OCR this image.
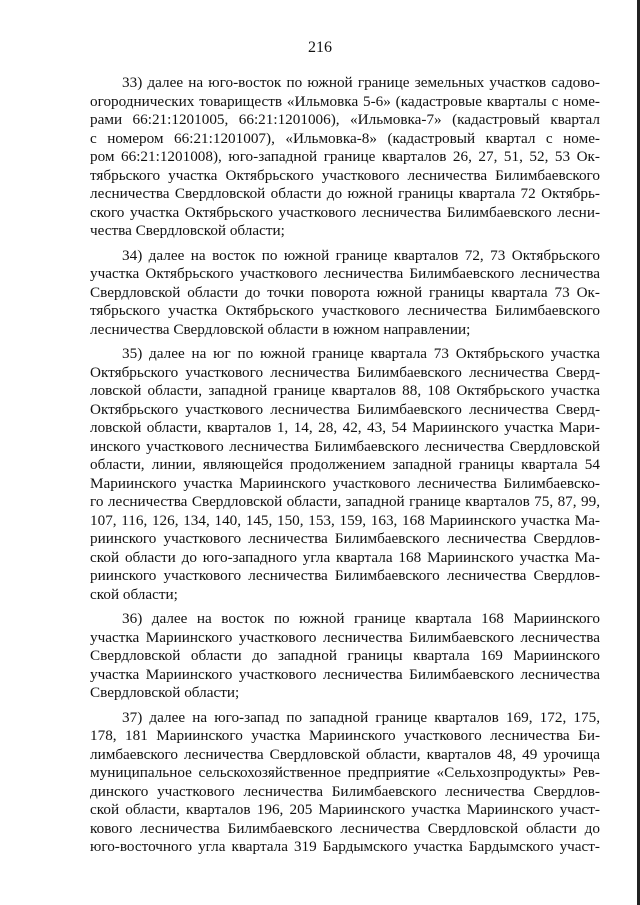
216
33) далее на юго-восток по южной границе земельных участков садово-
огороднических товариществ «Ильмовка 5-6» (кадастровые кварталы с номе-
рами 66:21:1201005, 66:21:1201006), «Ильмовка-7» (кадастровый квартал
с номером 66:21:1201007), «Ильмовка-8» (кадастровый квартал с номе-
ром 66:21:1201008), юго-западной границе кварталов 26, 27, 51, 52, 53 Ок-
тябрьского участка Октябрьского участкового лесничества Билимбаевского
лесничества Свердловской области до южной границы квартала 72 Октябрь-
ского участка Октябрьского участкового лесничества Билимбаевского лесни-
чества Свердловской области;
34) далее на восток по южной границе кварталов 72, 73 Октябрьского
участка Октябрьского участкового лесничества Билимбаевского лесничества
Свердловской области до точки поворота южной границы квартала 73 Ок-
тябрьского участка Октябрьского участкового лесничества Билимбаевского
лесничества Свердловской области в южном направлении;
35) далее на юг по южной границе квартала 73 Октябрьского участка
Октябрьского участкового лесничества Билимбаевского лесничества Сверд-
ловской области, западной границе кварталов 88, 108 Октябрьского участка
Октябрьского участкового лесничества Билимбаевского лесничества Сверд-
ловской области, кварталов 1, 14, 28, 42, 43, 54 Мариинского участка Мари-
инского участкового лесничества Билимбаевского лесничества Свердловской
области, линии, являющейся продолжением западной границы квартала 54
Мариинского участка Мариинского участкового лесничества Билимбаевско-
го лесничества Свердловской области, западной границе кварталов 75, 87, 99,
107, 116, 126, 134, 140, 145, 150, 153, 159, 163, 168 Мариинского участка Ма-
риинского участкового лесничества Билимбаевского лесничества Свердлов-
ской области до юго-западного угла квартала 168 Мариинского участка Ма-
риинского участкового лесничества Билимбаевского лесничества Свердлов-
ской области;
36) далее на восток по южной границе квартала 168 Мариинского
участка Мариинского участкового лесничества Билимбаевского лесничества
Свердловской области до западной границы квартала 169 Мариинского
участка Мариинского участкового лесничества Билимбаевского лесничества
Свердловской области;
37) далее на юго-запад по западной границе кварталов 169, 172, 175,
178, 181 Мариинского участка Мариинского участкового лесничества Би-
лимбаевского лесничества Свердловской области, кварталов 48, 49 урочища
муниципальное сельскохозяйственное предприятие «Сельхозпродукты» Рев-
динского участкового лесничества Билимбаевского лесничества Свердлов-
ской области, кварталов 196, 205 Мариинского участка Мариинского участ-
кового лесничества Билимбаевского лесничества Свердловской области до
юго-восточного угла квартала 319 Бардымского участка Бардымского участ-
